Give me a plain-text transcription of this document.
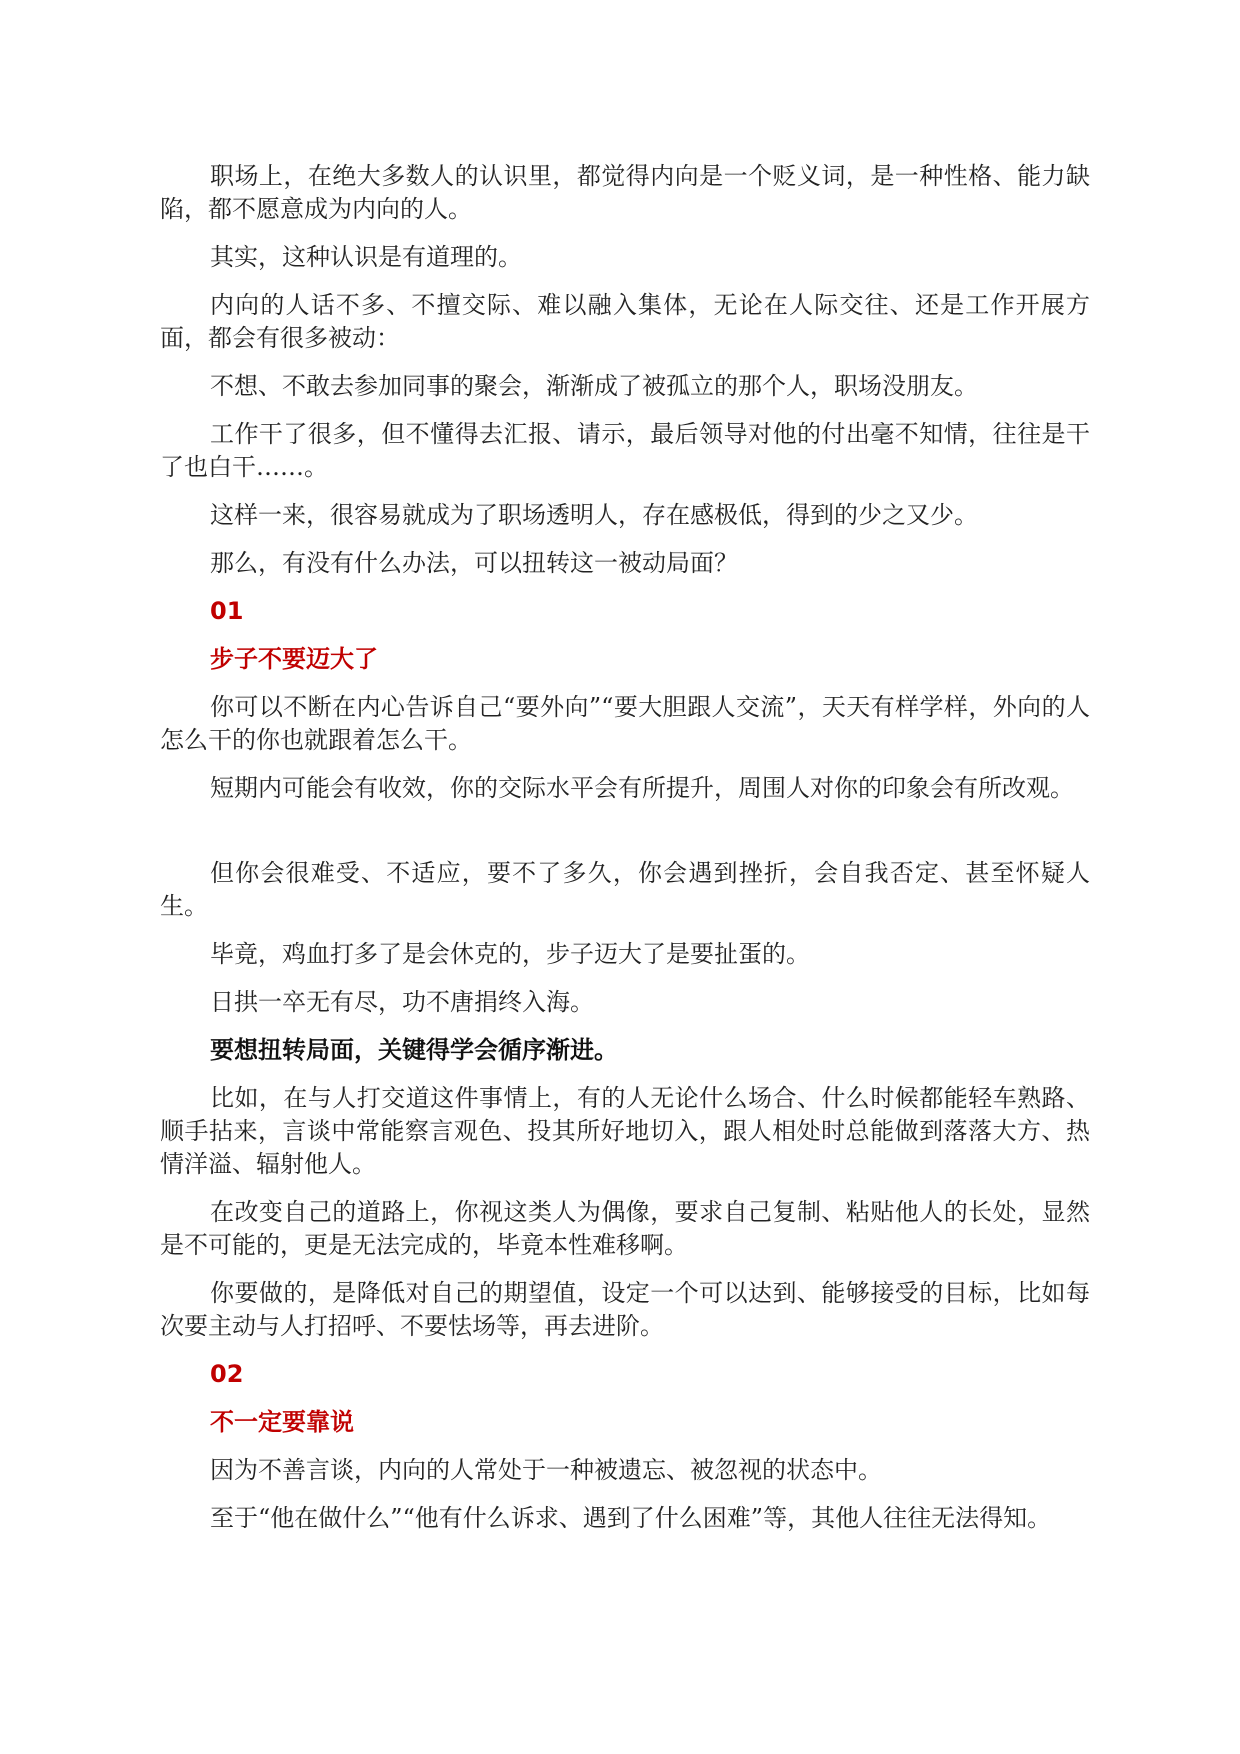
职场上，在绝大多数人的认识里，都觉得内向是一个贬义词，是一种性格、能力缺陷，都不愿意成为内向的人。

其实，这种认识是有道理的。

内向的人话不多、不擅交际、难以融入集体，无论在人际交往、还是工作开展方面，都会有很多被动：

不想、不敢去参加同事的聚会，渐渐成了被孤立的那个人，职场没朋友。

工作干了很多，但不懂得去汇报、请示，最后领导对他的付出毫不知情，往往是干了也白干……。

这样一来，很容易就成为了职场透明人，存在感极低，得到的少之又少。

那么，有没有什么办法，可以扭转这一被动局面？

01

步子不要迈大了

你可以不断在内心告诉自己“要外向”“要大胆跟人交流”，天天有样学样，外向的人怎么干的你也就跟着怎么干。

短期内可能会有收效，你的交际水平会有所提升，周围人对你的印象会有所改观。

但你会很难受、不适应，要不了多久，你会遇到挫折，会自我否定、甚至怀疑人生。

毕竟，鸡血打多了是会休克的，步子迈大了是要扯蛋的。

日拱一卒无有尽，功不唐捐终入海。

要想扭转局面，关键得学会循序渐进。

比如，在与人打交道这件事情上，有的人无论什么场合、什么时候都能轻车熟路、顺手拈来，言谈中常能察言观色、投其所好地切入，跟人相处时总能做到落落大方、热情洋溢、辐射他人。

在改变自己的道路上，你视这类人为偶像，要求自己复制、粘贴他人的长处，显然是不可能的，更是无法完成的，毕竟本性难移啊。

你要做的，是降低对自己的期望值，设定一个可以达到、能够接受的目标，比如每次要主动与人打招呼、不要怯场等，再去进阶。

02

不一定要靠说

因为不善言谈，内向的人常处于一种被遗忘、被忽视的状态中。

至于“他在做什么”“他有什么诉求、遇到了什么困难”等，其他人往往无法得知。
